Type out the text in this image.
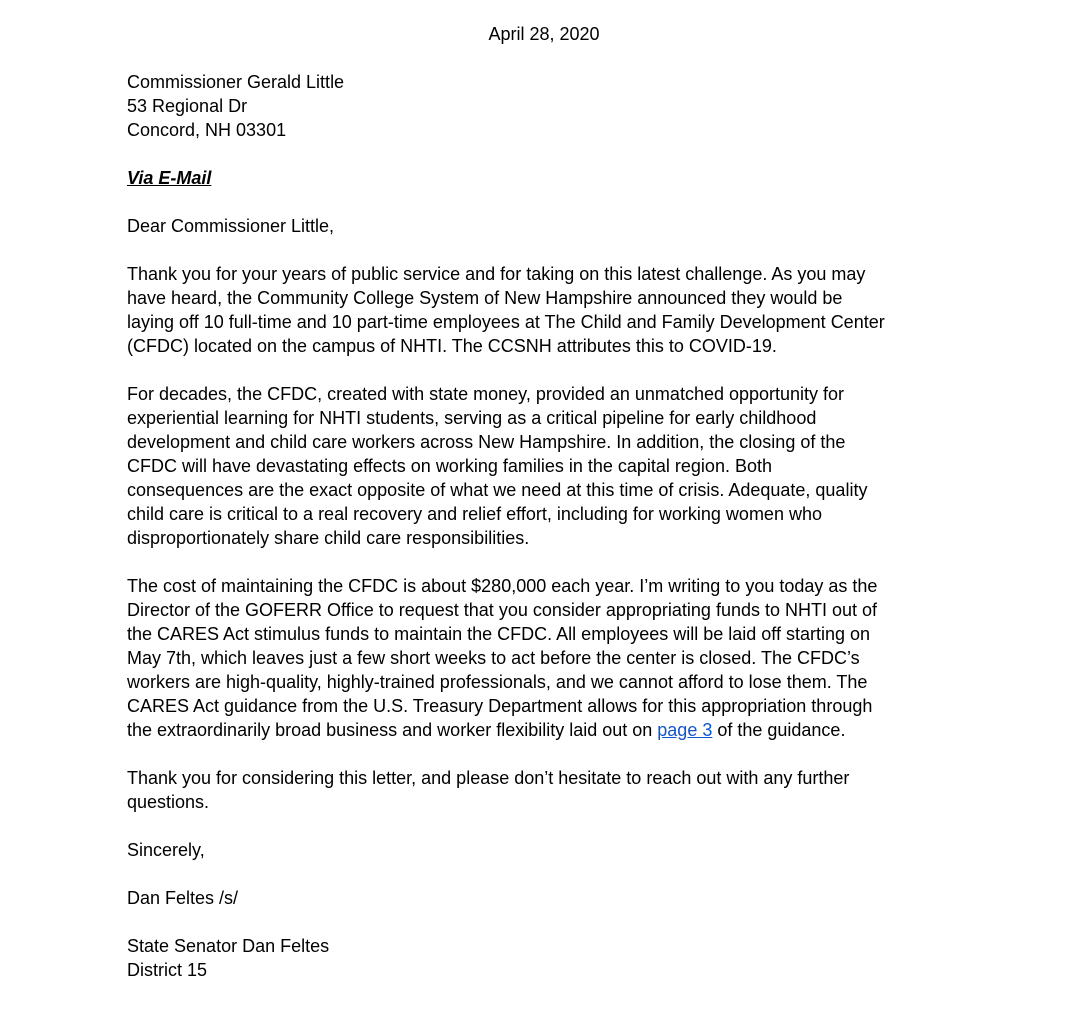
April 28, 2020
Commissioner Gerald Little
53 Regional Dr
Concord, NH 03301
Via E-Mail
Dear Commissioner Little,
Thank you for your years of public service and for taking on this latest challenge. As you may
have heard, the Community College System of New Hampshire announced they would be
laying off 10 full-time and 10 part-time employees at The Child and Family Development Center
(CFDC) located on the campus of NHTI. The CCSNH attributes this to COVID-19.
For decades, the CFDC, created with state money, provided an unmatched opportunity for
experiential learning for NHTI students, serving as a critical pipeline for early childhood
development and child care workers across New Hampshire. In addition, the closing of the
CFDC will have devastating effects on working families in the capital region. Both
consequences are the exact opposite of what we need at this time of crisis. Adequate, quality
child care is critical to a real recovery and relief effort, including for working women who
disproportionately share child care responsibilities.
The cost of maintaining the CFDC is about $280,000 each year. I’m writing to you today as the
Director of the GOFERR Office to request that you consider appropriating funds to NHTI out of
the CARES Act stimulus funds to maintain the CFDC. All employees will be laid off starting on
May 7th, which leaves just a few short weeks to act before the center is closed. The CFDC’s
workers are high-quality, highly-trained professionals, and we cannot afford to lose them. The
CARES Act guidance from the U.S. Treasury Department allows for this appropriation through
the extraordinarily broad business and worker flexibility laid out on page 3 of the guidance.
Thank you for considering this letter, and please don’t hesitate to reach out with any further
questions.
Sincerely,
Dan Feltes /s/
State Senator Dan Feltes
District 15
